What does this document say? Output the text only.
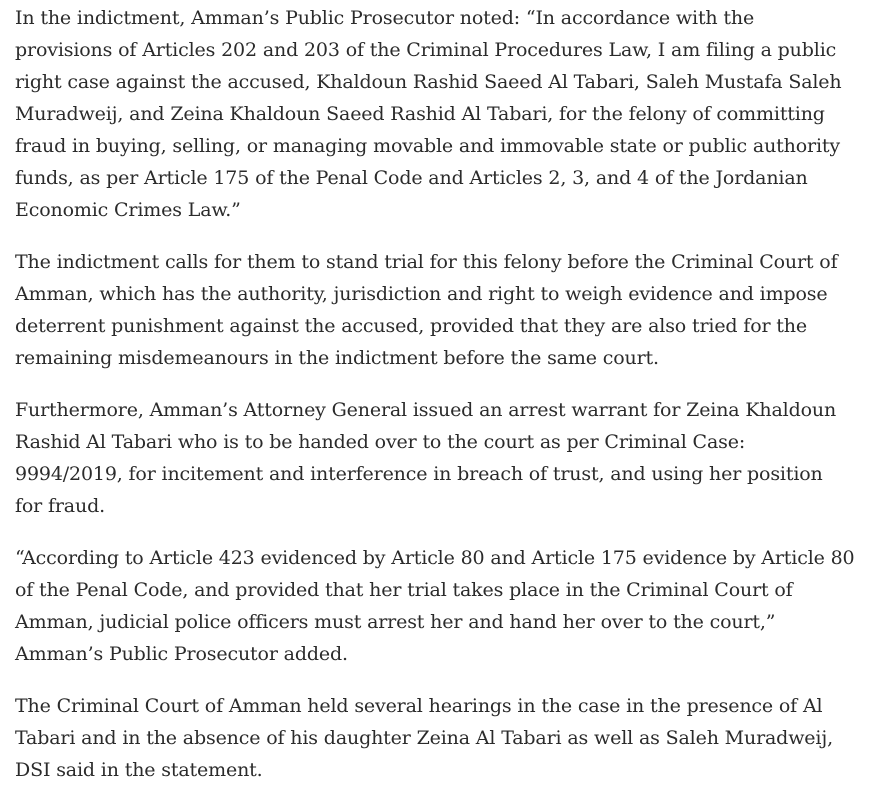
In the indictment, Amman’s Public Prosecutor noted: “In accordance with the provisions of Articles 202 and 203 of the Criminal Procedures Law, I am filing a public right case against the accused, Khaldoun Rashid Saeed Al Tabari, Saleh Mustafa Saleh Muradweij, and Zeina Khaldoun Saeed Rashid Al Tabari, for the felony of committing fraud in buying, selling, or managing movable and immovable state or public authority funds, as per Article 175 of the Penal Code and Articles 2, 3, and 4 of the Jordanian Economic Crimes Law.”

The indictment calls for them to stand trial for this felony before the Criminal Court of Amman, which has the authority, jurisdiction and right to weigh evidence and impose deterrent punishment against the accused, provided that they are also tried for the remaining misdemeanours in the indictment before the same court.

Furthermore, Amman’s Attorney General issued an arrest warrant for Zeina Khaldoun Rashid Al Tabari who is to be handed over to the court as per Criminal Case: 9994/2019, for incitement and interference in breach of trust, and using her position for fraud.

“According to Article 423 evidenced by Article 80 and Article 175 evidence by Article 80 of the Penal Code, and provided that her trial takes place in the Criminal Court of Amman, judicial police officers must arrest her and hand her over to the court,” Amman’s Public Prosecutor added.

The Criminal Court of Amman held several hearings in the case in the presence of Al Tabari and in the absence of his daughter Zeina Al Tabari as well as Saleh Muradweij, DSI said in the statement.
